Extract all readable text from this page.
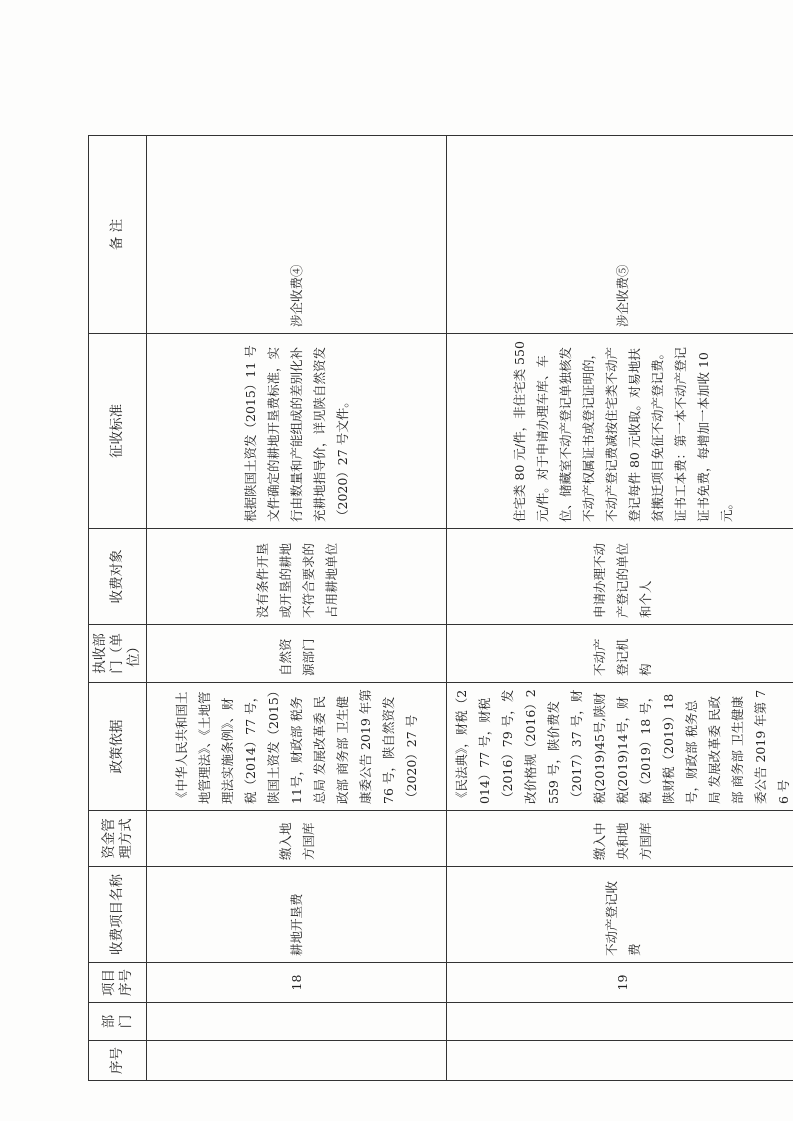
序号	部门	项目序号	收费项目名称	资金管理方式	政策依据	执收部门（单位）	收费对象	征收标准	备 注
		18	耕地开垦费	缴入地方国库	《中华人民共和国土地管理法》、《土地管理法实施条例》、财税（2014）77 号，陕国土资发（2015）11号，财政部 税务总局 发展改革委 民政部 商务部 卫生健康委公告 2019 年第 76 号，陕自然资发（2020）27 号	自然资源部门	没有条件开垦或开垦的耕地不符合要求的占用耕地单位	根据陕国土资发（2015）11 号文件确定的耕地开垦费标准，实行由数量和产能组成的差别化补充耕地指导价，详见陕自然资发（2020）27 号文件。	涉企收费④
		19	不动产登记收费	缴入中央和地方国库	《民法典》，财税（2014）77 号，财税（2016）79 号，发改价格规（2016）2559 号，陕价费发（2017）37 号，财税(2019)45号,陕财税(2019)14号，财税（2019）18 号，陕财税（2019）18 号，财政部 税务总局 发展改革委 民政部 商务部 卫生健康委公告 2019 年第 76 号	不动产登记机构	申请办理不动产登记的单位和个人	住宅类 80 元/件，非住宅类 550 元/件。对于申请办理车库、车位、储藏室不动产登记单独核发不动产权属证书或登记证明的，不动产登记费减按住宅类不动产登记每件 80 元收取。对易地扶贫搬迁项目免征不动产登记费。证书工本费：第一本不动产登记证书免费，每增加一本加收 10 元。	涉企收费⑤
